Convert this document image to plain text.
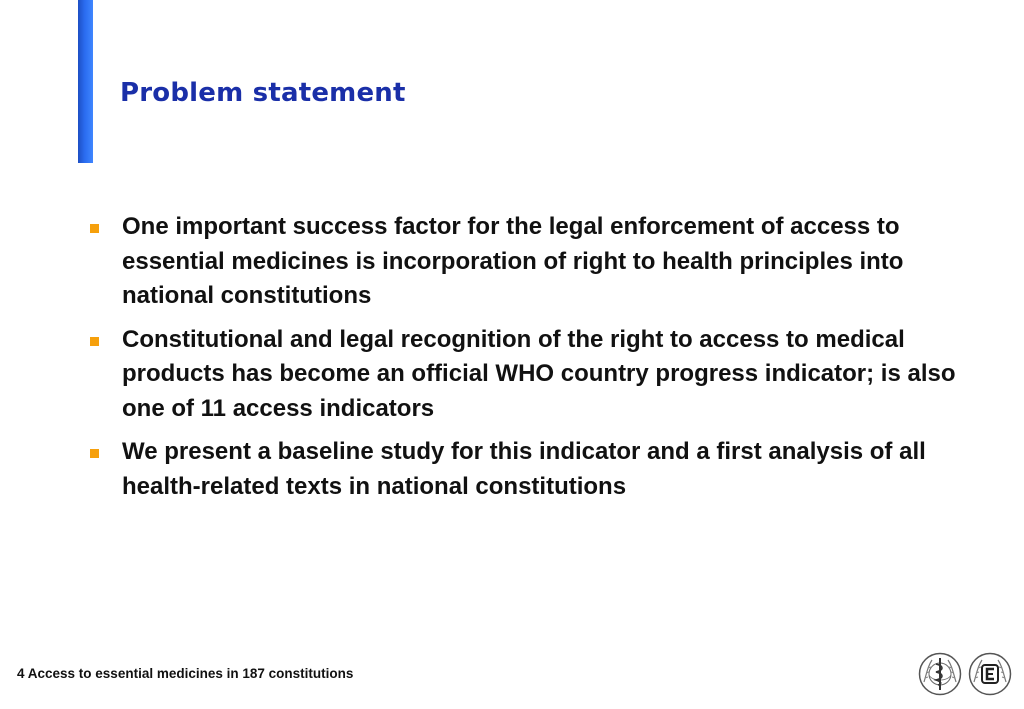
Problem statement
One important success factor for the legal enforcement of access to essential medicines is incorporation of right to health principles into national constitutions
Constitutional and legal recognition of the right to access to medical products has become an official WHO country progress indicator; is also one of 11 access indicators
We present a baseline study for this indicator and a first analysis of all health-related texts in national constitutions
4 Access to essential medicines in 187 constitutions
